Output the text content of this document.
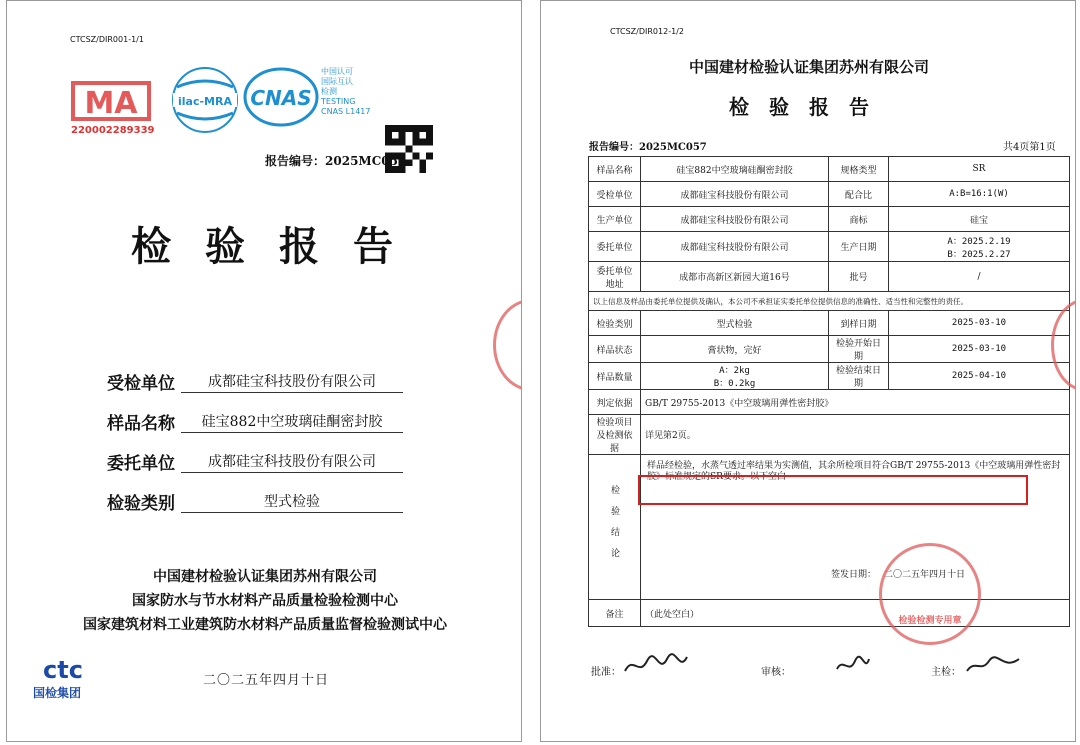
CTCSZ/DIR001-1/1
MA
220002289339
ilac-MRA CNAS
中国认可
国际互认
检测
TESTING
CNAS L1417
报告编号：2025MC057
检验报告
受检单位	成都硅宝科技股份有限公司
样品名称	硅宝882中空玻璃硅酮密封胶
委托单位	成都硅宝科技股份有限公司
检验类别	型式检验
中国建材检验认证集团苏州有限公司
国家防水与节水材料产品质量检验检测中心
国家建筑材料工业建筑防水材料产品质量监督检验测试中心
ctc
国检集团
二〇二五年四月十日
CTCSZ/DIR012-1/2
中国建材检验认证集团苏州有限公司
检验报告
报告编号：2025MC057	共4页第1页
样品名称	硅宝882中空玻璃硅酮密封胶	规格类型	SR
受检单位	成都硅宝科技股份有限公司	配合比	A:B=16:1(W)
生产单位	成都硅宝科技股份有限公司	商标	硅宝
委托单位	成都硅宝科技股份有限公司	生产日期	A：2025.2.19
B：2025.2.27

委托单位地址	成都市高新区新园大道16号	批号	/
以上信息及样品由委托单位提供及确认，本公司不承担证实委托单位提供信息的准确性、适当性和完整性的责任。			
检验类别	型式检验	到样日期	2025-03-10
样品状态	膏状物，完好	检验开始日期	2025-03-10
样品数量	A：2kg
B：0.2kg	检验结束日期	2025-04-10
判定依据	GB/T 29755-2013《中空玻璃用弹性密封胶》		
检验项目及检测依据	详见第2页。		
检验结论	样品经检验，水蒸气透过率结果为实测值，其余所检项目符合GB/T 29755-2013《中空玻璃用弹性密封胶》标准规定的SR要求。以下空白
签发日期： 二〇二五年四月十日		

备注	（此处空白）		
检验检测专用章
批准：	审核：	主检：
